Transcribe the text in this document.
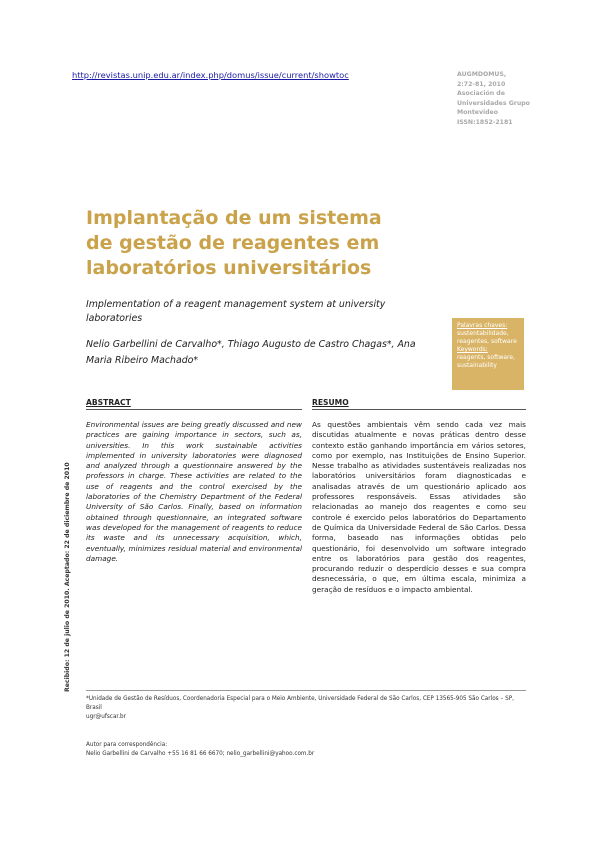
http://revistas.unip.edu.ar/index.php/domus/issue/current/showtoc	AUGMDOMUS,
2:72-81, 2010
Asociación de
Universidades Grupo
Montevideo
ISSN:1852-2181
Implantação de um sistema
de gestão de reagentes em
laboratórios universitários
Implementation of a reagent management system at university laboratories
Nelio Garbellini de Carvalho*, Thiago Augusto de Castro Chagas*, Ana Maria Ribeiro Machado*
Palavras chaves:
sustentabilidade, reagentes, software
Keywords:
reagents, software, sustainability
Recibido: 12 de julio de 2010. Aceptado: 22 de diciembre de 2010
ABSTRACT

Environmental issues are being greatly discussed and new practices are gaining importance in sectors, such as, universities. In this work sustainable activities implemented in university laboratories were diagnosed and analyzed through a questionnaire answered by the professors in charge. These activities are related to the use of reagents and the control exercised by the laboratories of the Chemistry Department of the Federal University of São Carlos. Finally, based on information obtained through questionnaire, an integrated software was developed for the management of reagents to reduce its waste and its unnecessary acquisition, which, eventually, minimizes residual material and environmental damage.

RESUMO

As questões ambientais vêm sendo cada vez mais discutidas atualmente e novas práticas dentro desse contexto estão ganhando importância em vários setores, como por exemplo, nas Instituições de Ensino Superior. Nesse trabalho as atividades sustentáveis realizadas nos laboratórios universitários foram diagnosticadas e analisadas através de um questionário aplicado aos professores responsáveis. Essas atividades são relacionadas ao manejo dos reagentes e como seu controle é exercido pelos laboratórios do Departamento de Química da Universidade Federal de São Carlos. Dessa forma, baseado nas informações obtidas pelo questionário, foi desenvolvido um software integrado entre os laboratórios para gestão dos reagentes, procurando reduzir o desperdício desses e sua compra desnecessária, o que, em última escala, minimiza a geração de resíduos e o impacto ambiental.

*Unidade de Gestão de Resíduos, Coordenadoria Especial para o Meio Ambiente, Universidade Federal de São Carlos, CEP 13565-905 São Carlos – SP, Brasil
ugr@ufscar.br
Autor para correspondência:
Nelio Garbellini de Carvalho +55 16 81 66 6670; nelio_garbellini@yahoo.com.br
